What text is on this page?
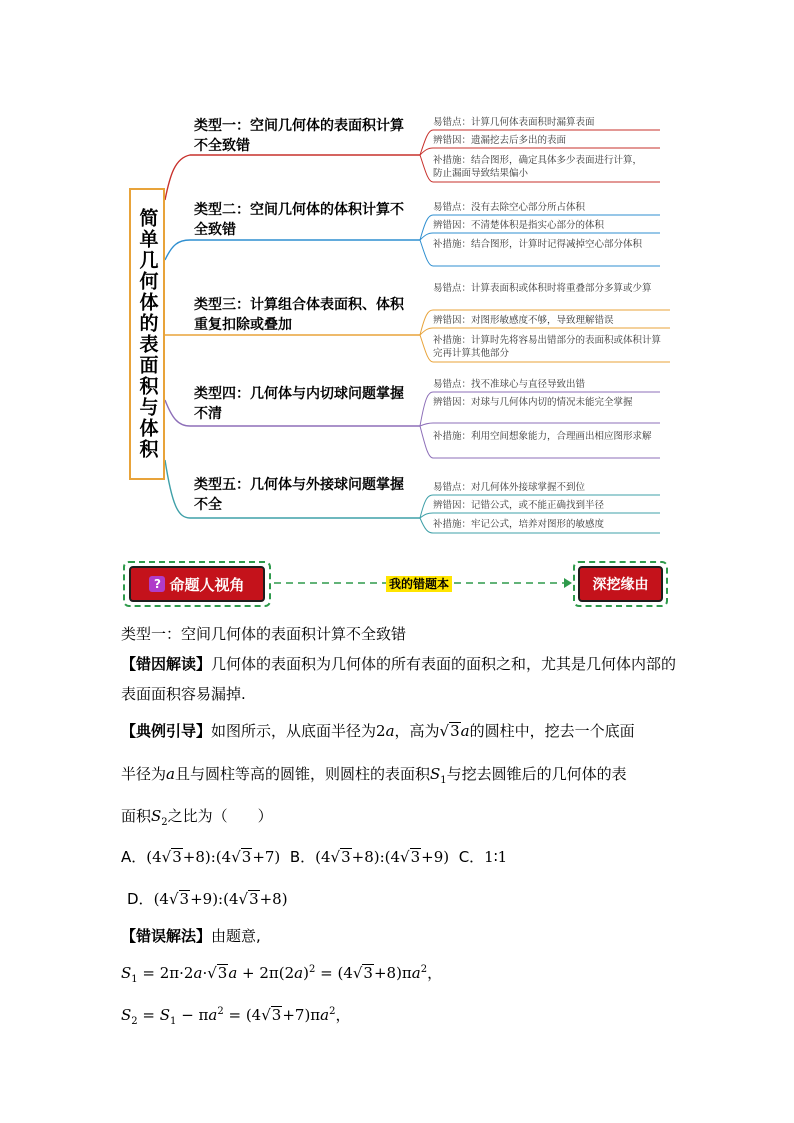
简单几何体的表面积与体积
类型一：空间几何体的表面积计算不全致错
类型二：空间几何体的体积计算不全致错
类型三：计算组合体表面积、体积重复扣除或叠加
类型四：几何体与内切球问题掌握不清
类型五：几何体与外接球问题掌握不全
易错点：计算几何体表面积时漏算表面
辨错因：遗漏挖去后多出的表面
补措施：结合图形，确定具体多少表面进行计算，防止漏面导致结果偏小
易错点：没有去除空心部分所占体积
辨错因：不清楚体积是指实心部分的体积
补措施：结合图形，计算时记得减掉空心部分体积
易错点：计算表面积或体积时将重叠部分多算或少算
辨错因：对图形敏感度不够，导致理解错误
补措施：计算时先将容易出错部分的表面积或体积计算完再计算其他部分
易错点：找不准球心与直径导致出错
辨错因：对球与几何体内切的情况未能完全掌握
补措施：利用空间想象能力，合理画出相应图形求解
易错点：对几何体外接球掌握不到位
辨错因：记错公式，或不能正确找到半径
补措施：牢记公式，培养对图形的敏感度
? 命题人视角	我的错题本	深挖缘由
类型一：空间几何体的表面积计算不全致错
【错因解读】几何体的表面积为几何体的所有表面的面积之和，尤其是几何体内部的表面面积容易漏掉.
【典例引导】如图所示，从底面半径为2a，高为√3a的圆柱中，挖去一个底面
半径为a且与圆柱等高的圆锥，则圆柱的表面积$S_1$与挖去圆锥后的几何体的表
面积$S_2$之比为（　　）
A．(4√3+8):(4√3+7) B．(4√3+8):(4√3+9) C．1∶1
D．(4√3+9):(4√3+8)
【错误解法】由题意,
$S_1 = 2\pi\cdot 2a\cdot√3a + 2\pi(2a)^2 = (4√3+8)\pi a^2$，
$S_2 = S_1 - \pi a^2 = (4√3+7)\pi a^2$，
